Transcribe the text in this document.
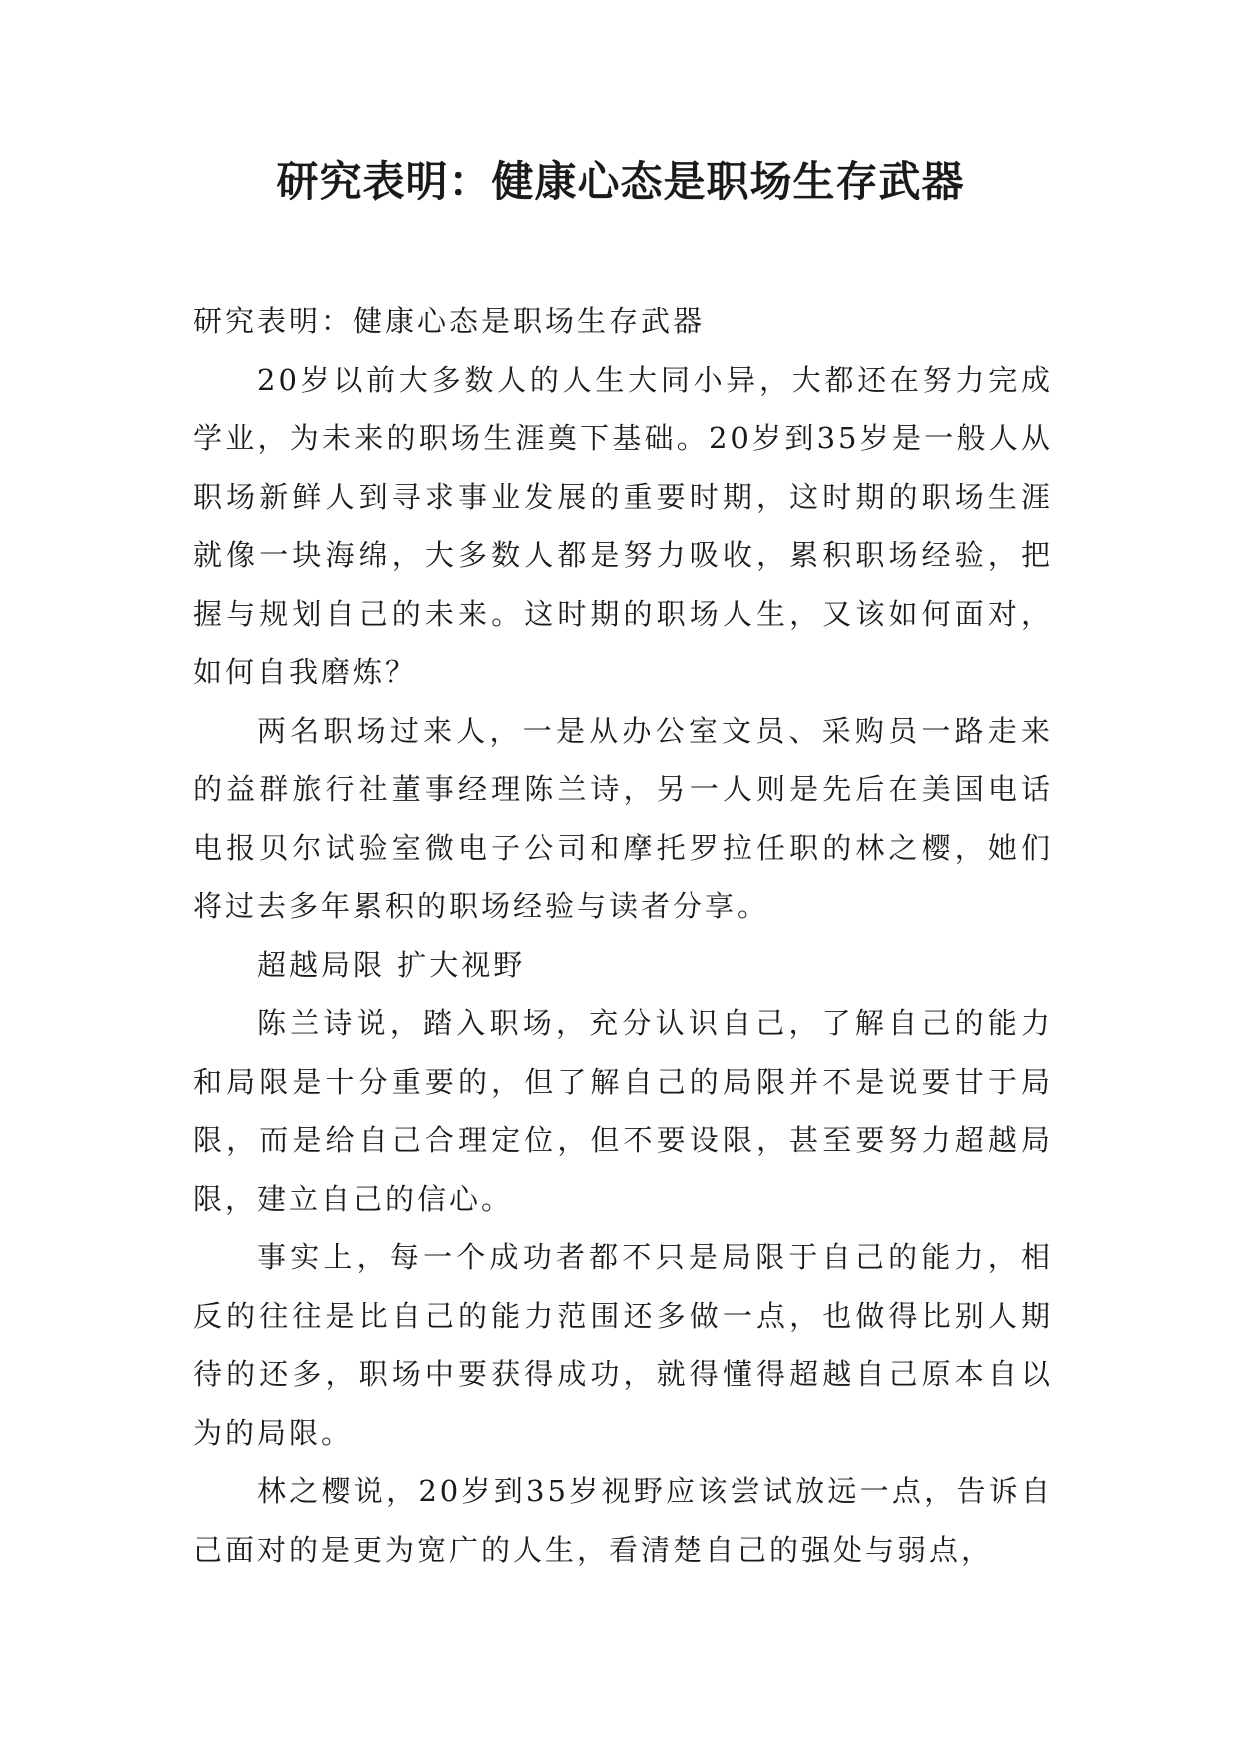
研究表明：健康心态是职场生存武器

研究表明：健康心态是职场生存武器

20岁以前大多数人的人生大同小异，大都还在努力完成学业，为未来的职场生涯奠下基础。20岁到35岁是一般人从职场新鲜人到寻求事业发展的重要时期，这时期的职场生涯就像一块海绵，大多数人都是努力吸收，累积职场经验，把握与规划自己的未来。这时期的职场人生，又该如何面对，如何自我磨炼？

两名职场过来人，一是从办公室文员、采购员一路走来的益群旅行社董事经理陈兰诗，另一人则是先后在美国电话电报贝尔试验室微电子公司和摩托罗拉任职的林之樱，她们将过去多年累积的职场经验与读者分享。

超越局限 扩大视野

陈兰诗说，踏入职场，充分认识自己，了解自己的能力和局限是十分重要的，但了解自己的局限并不是说要甘于局限，而是给自己合理定位，但不要设限，甚至要努力超越局限，建立自己的信心。

事实上，每一个成功者都不只是局限于自己的能力，相反的往往是比自己的能力范围还多做一点，也做得比别人期待的还多，职场中要获得成功，就得懂得超越自己原本自以为的局限。

林之樱说，20岁到35岁视野应该尝试放远一点，告诉自己面对的是更为宽广的人生，看清楚自己的强处与弱点，
